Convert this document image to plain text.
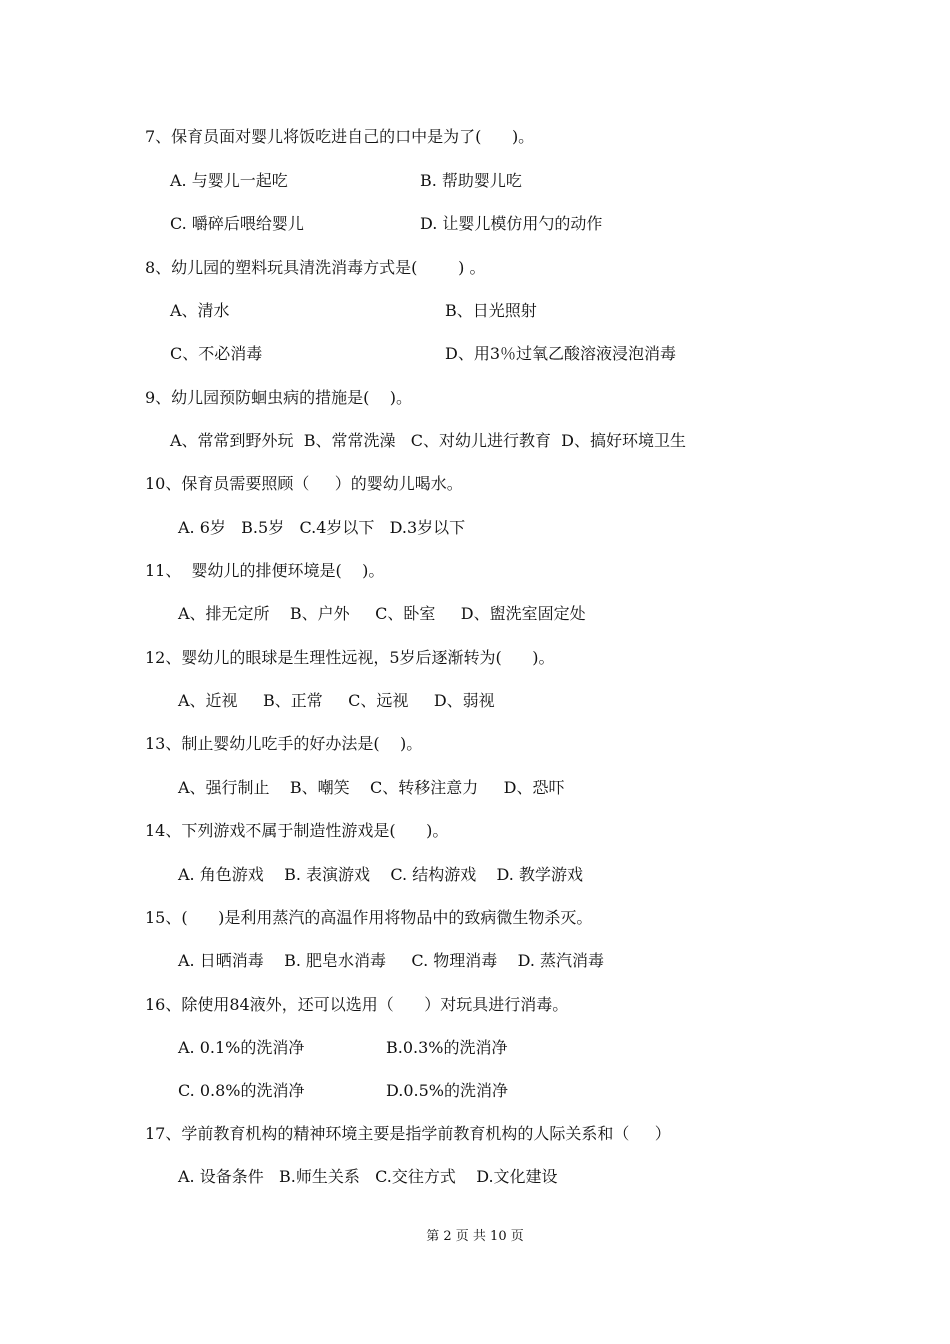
7、保育员面对婴儿将饭吃进自己的口中是为了(      )。
A. 与婴儿一起吃	B. 帮助婴儿吃
C. 嚼碎后喂给婴儿	D. 让婴儿模仿用勺的动作
8、幼儿园的塑料玩具清洗消毒方式是(        ) 。
A、清水	B、日光照射
C、不必消毒	D、用3％过氧乙酸溶液浸泡消毒
9、幼儿园预防蛔虫病的措施是(    )。
A、常常到野外玩  B、常常洗澡   C、对幼儿进行教育  D、搞好环境卫生
10、保育员需要照顾（     ）的婴幼儿喝水。
A. 6岁   B.5岁   C.4岁以下   D.3岁以下
11、  婴幼儿的排便环境是(    )。
A、排无定所    B、户外     C、卧室     D、盥洗室固定处
12、婴幼儿的眼球是生理性远视，5岁后逐渐转为(      )。
A、近视     B、正常     C、远视     D、弱视
13、制止婴幼儿吃手的好办法是(    )。
A、强行制止    B、嘲笑    C、转移注意力     D、恐吓
14、下列游戏不属于制造性游戏是(      )。
A. 角色游戏    B. 表演游戏    C. 结构游戏    D. 教学游戏
15、(      )是利用蒸汽的高温作用将物品中的致病微生物杀灭。
A. 日晒消毒    B. 肥皂水消毒     C. 物理消毒    D. 蒸汽消毒
16、除使用84液外，还可以选用（      ）对玩具进行消毒。
A. 0.1%的洗消净	B.0.3%的洗消净
C. 0.8%的洗消净	D.0.5%的洗消净
17、学前教育机构的精神环境主要是指学前教育机构的人际关系和（     ）
A. 设备条件   B.师生关系   C.交往方式    D.文化建设
第 2 页 共 10 页
